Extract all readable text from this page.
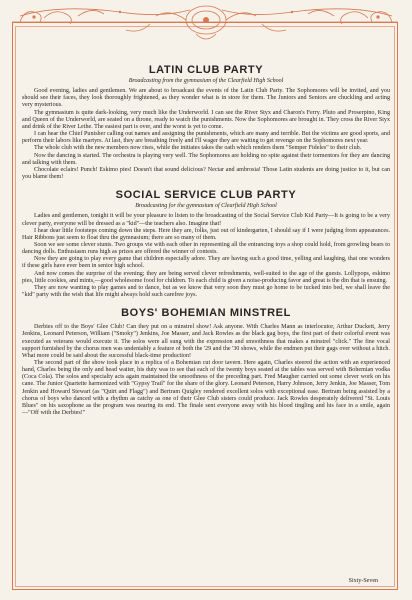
LATIN CLUB PARTY
Broadcasting from the gymnasium of the Clearfield High School

Good evening, ladies and gentlemen. We are about to broadcast the events of the Latin Club Party. The Sophomores will be invited, and you should see their faces, they look thoroughly frightened, as they wonder what is in store for them. The Juniors and Seniors are chuckling and acting very mysterious.

The gymnasium is quite dark-looking, very much like the Underworld. I can see the River Styx and Charon's Ferry. Pluto and Proserpino, King and Queen of the Underworld, are seated on a throne, ready to watch the punishments. Now the Sophomores are brought in. They cross the River Styx and drink of the River Lethe. The easiest part is over, and the worst is yet to come.

I can hear the Chief Punisher calling out names and assigning the punishments, which are many and terrible. But the victims are good sports, and perform their labors like martyrs. At last, they are breathing freely and I'll wager they are waiting to get revenge on the Sophomores next year.

The whole club with the new members now rises, while the initiates takes the oath which renders them "Semper Fideles" to their club.

Now the dancing is started. The orchestra is playing very well. The Sophomores are holding no spite against their tormentors for they are dancing and talking with them.

Chocolate eclairs! Punch! Eskimo pies! Doesn't that sound delicious? Nectar and ambrosia! Those Latin students are doing justice to it, but can you blame them!

SOCIAL SERVICE CLUB PARTY
Broadcasting for the gymnasium of Clearfield High School

Ladies and gentlemen, tonight it will be your pleasure to listen to the broadcasting of the Social Service Club Kid Party—It is going to be a very clever party, everyone will be dressed as a "kid"—the teachers also. Imagine that!

I hear dear little footsteps coming down the steps. Here they are, folks, just out of kindergarten, I should say if I were judging from appearances. Hair Ribbons just seem to float thru the gymnasium; there are so many of them.

Soon we see some clever stunts. Two groups vie with each other in representing all the entrancing toys a shop could hold, from growling bears to dancing dolls. Enthusiasm runs high as prizes are offered the winner of contests.

Now they are going to play every game that children especially adore. They are having such a good time, yelling and laughing, that one wonders if these girls have ever been in senior high school.

And now comes the surprise of the evening; they are being served clever refreshments, well-suited to the age of the guests. Lollypops, eskimo pies, little cookies, and mints,—good wholesome food for children. To each child is given a noise-producing favor and great is the din that is ensuing.

They are now wanting to play games and to dance, but as we know that very soon they must go home to be tucked into bed, we shall leave the "kid" party with the wish that life might always hold such carefree joys.

BOYS' BOHEMIAN MINSTREL

Derbies off to the Boys' Glee Club! Can they put on a minstrel show! Ask anyone. With Charles Mann as interlocutor, Arthur Duckett, Jerry Jenkins, Leonard Peterson, William ("Smoky") Jenkins, Joe Masser, and Jack Rowles as the black gag boys, the first part of their colorful event was executed as veterans would execute it. The solos were all sung with the expression and smoothness that makes a minstrel "click." The fine vocal support furnished by the chorus men was undeniably a feature of both the '29 and the '30 shows, while the endmen put their gags over without a hitch. What more could be said about the successful black-time production!

The second part of the show took place in a replica of a Bohemian cut door tavern. Here again, Charles steered the action with an experienced hand, Charles being the only and head waiter, his duty was to see that each of the twenty boys seated at the tables was served with Bohemian vodka (Coca Cola). The solos and specialty acts again maintained the smoothness of the preceding part. Fred Maugher carried out some clever work on his cane. The Junior Quartette harmonized with "Gypsy Trail" for the share of the glory. Leonard Peterson, Harry Johnson, Jerry Jenkin, Joe Masser, Tom Jenkin and Howard Stewart (as "Quirt and Flagg") and Bertram Quigley rendered excellent solos with exceptional ease. Bertram being assisted by a chorus of boys who danced with a rhythm as catchy as one of their Glee Club sisters could produce. Jack Rowles desperately delivered "St. Louis Blues" on his saxophone as the program was nearing its end. The finale sent everyone away with his blood tingling and his face in a smile, again—"Off with the Derbies!"

Sixty-Seven
